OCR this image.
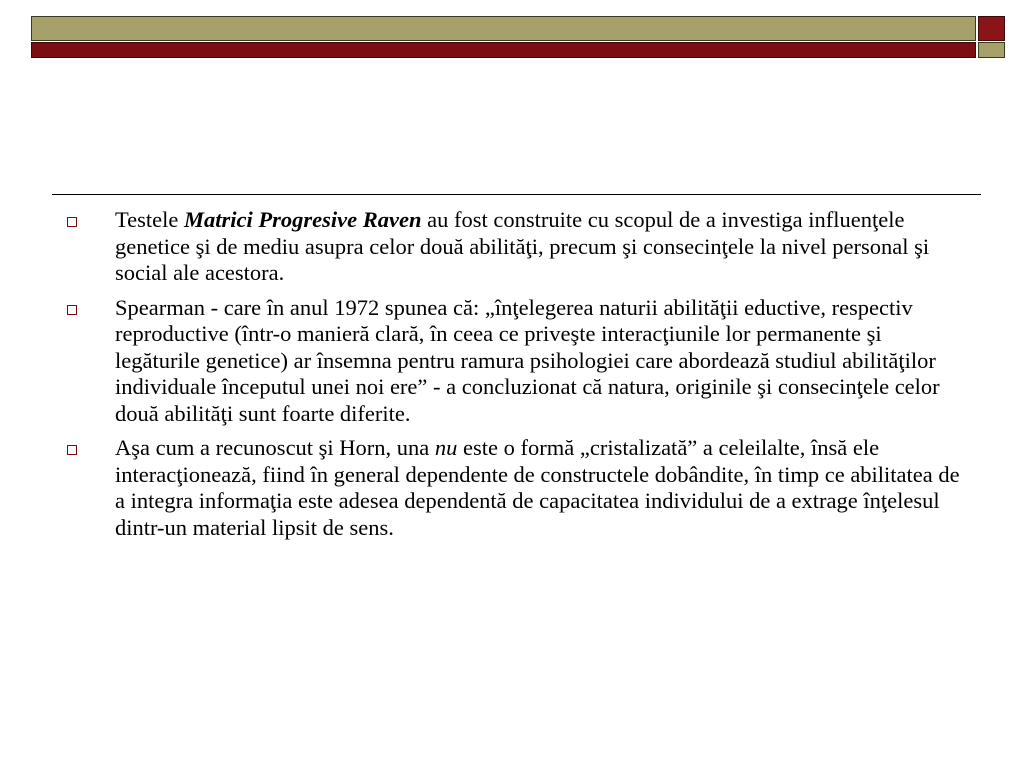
Testele Matrici Progresive Raven au fost construite cu scopul de a investiga influenţele genetice şi de mediu asupra celor două abilităţi, precum şi consecinţele la nivel personal şi social ale acestora.
Spearman - care în anul 1972 spunea că: „înţelegerea naturii abilităţii eductive, respectiv reproductive (într-o manieră clară, în ceea ce priveşte interacţiunile lor permanente şi legăturile genetice) ar însemna pentru ramura psihologiei care abordează studiul abilităţilor individuale începutul unei noi ere” - a concluzionat că natura, originile şi consecinţele celor două abilităţi sunt foarte diferite.
Aşa cum a recunoscut şi Horn, una nu este o formă „cristalizată” a celeilalte, însă ele interacţionează, fiind în general dependente de constructele dobândite, în timp ce abilitatea de a integra informaţia este adesea dependentă de capacitatea individului de a extrage înţelesul dintr-un material lipsit de sens.
